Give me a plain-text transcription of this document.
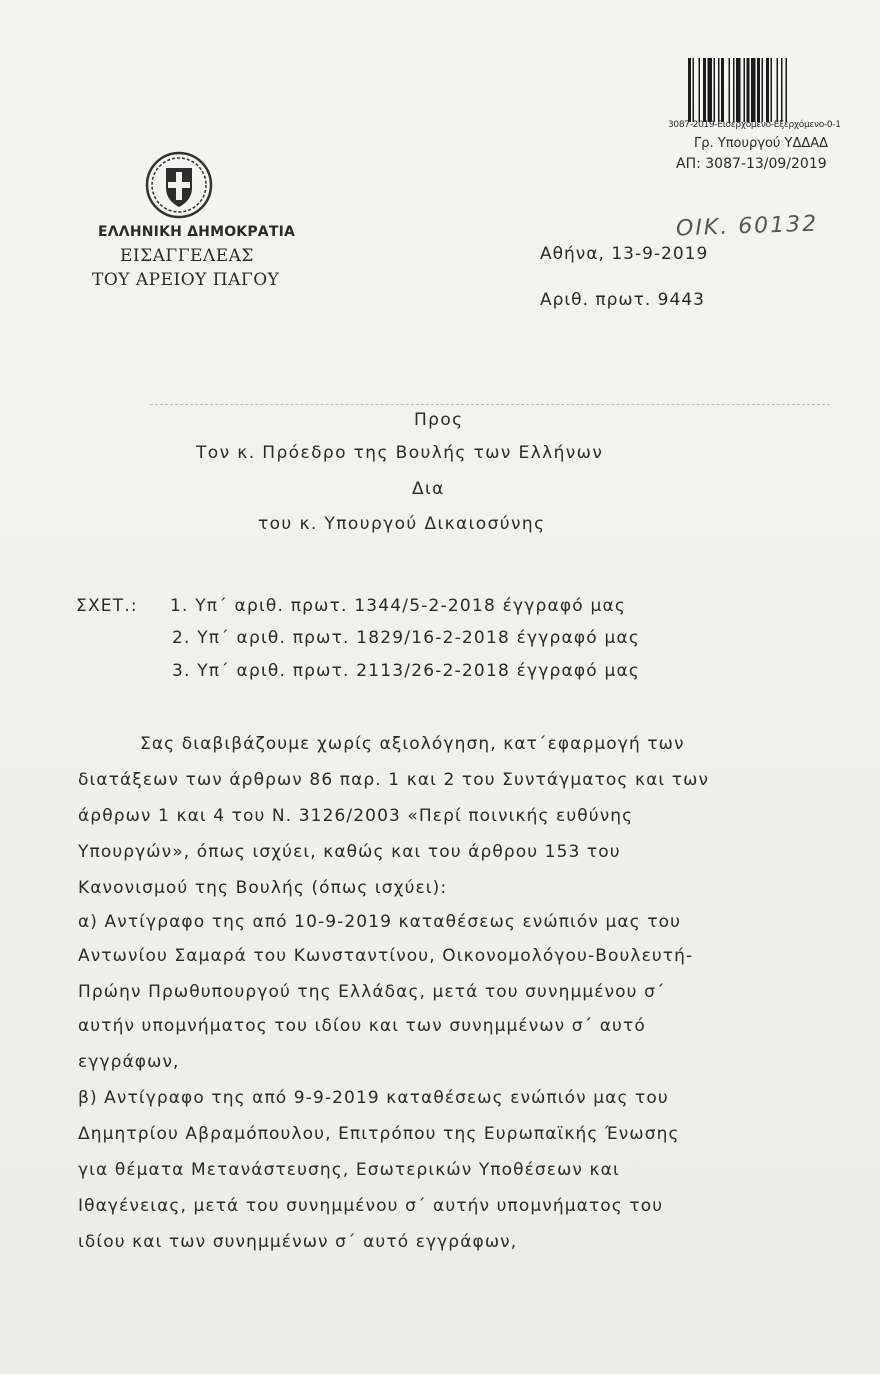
3087-2019-Εισερχόμενο-Εξερχόμενο-0-1
Γρ. Υπουργού ΥΔΔΑΔ
ΑΠ: 3087-13/09/2019
ΕΛΛΗΝΙΚΗ ΔΗΜΟΚΡΑΤΙΑ
ΕΙΣΑΓΓΕΛΕΑΣ
ΤΟΥ ΑΡΕΙΟΥ ΠΑΓΟΥ
ΟΙΚ. 60132
Αθήνα, 13-9-2019
Αριθ. πρωτ. 9443
Προς
Τον κ. Πρόεδρο της Βουλής των Ελλήνων
Δια
του κ. Υπουργού Δικαιοσύνης
ΣΧΕΤ.: 1. Υπ΄ αριθ. πρωτ. 1344/5-2-2018 έγγραφό μας
2. Υπ΄ αριθ. πρωτ. 1829/16-2-2018 έγγραφό μας
3. Υπ΄ αριθ. πρωτ. 2113/26-2-2018 έγγραφό μας
Σας διαβιβάζουμε χωρίς αξιολόγηση, κατ΄εφαρμογή των
διατάξεων των άρθρων 86 παρ. 1 και 2 του Συντάγματος και των
άρθρων 1 και 4 του Ν. 3126/2003 «Περί ποινικής ευθύνης
Υπουργών», όπως ισχύει, καθώς και του άρθρου 153 του
Κανονισμού της Βουλής (όπως ισχύει):
α) Αντίγραφο της από 10-9-2019 καταθέσεως ενώπιόν μας του
Αντωνίου Σαμαρά του Κωνσταντίνου, Οικονομολόγου-Βουλευτή-
Πρώην Πρωθυπουργού της Ελλάδας, μετά του συνημμένου σ΄
αυτήν υπομνήματος του ιδίου και των συνημμένων σ΄ αυτό
εγγράφων,
β) Αντίγραφο της από 9-9-2019 καταθέσεως ενώπιόν μας του
Δημητρίου Αβραμόπουλου, Επιτρόπου της Ευρωπαϊκής Ένωσης
για θέματα Μετανάστευσης, Εσωτερικών Υποθέσεων και
Ιθαγένειας, μετά του συνημμένου σ΄ αυτήν υπομνήματος του
ιδίου και των συνημμένων σ΄ αυτό εγγράφων,
